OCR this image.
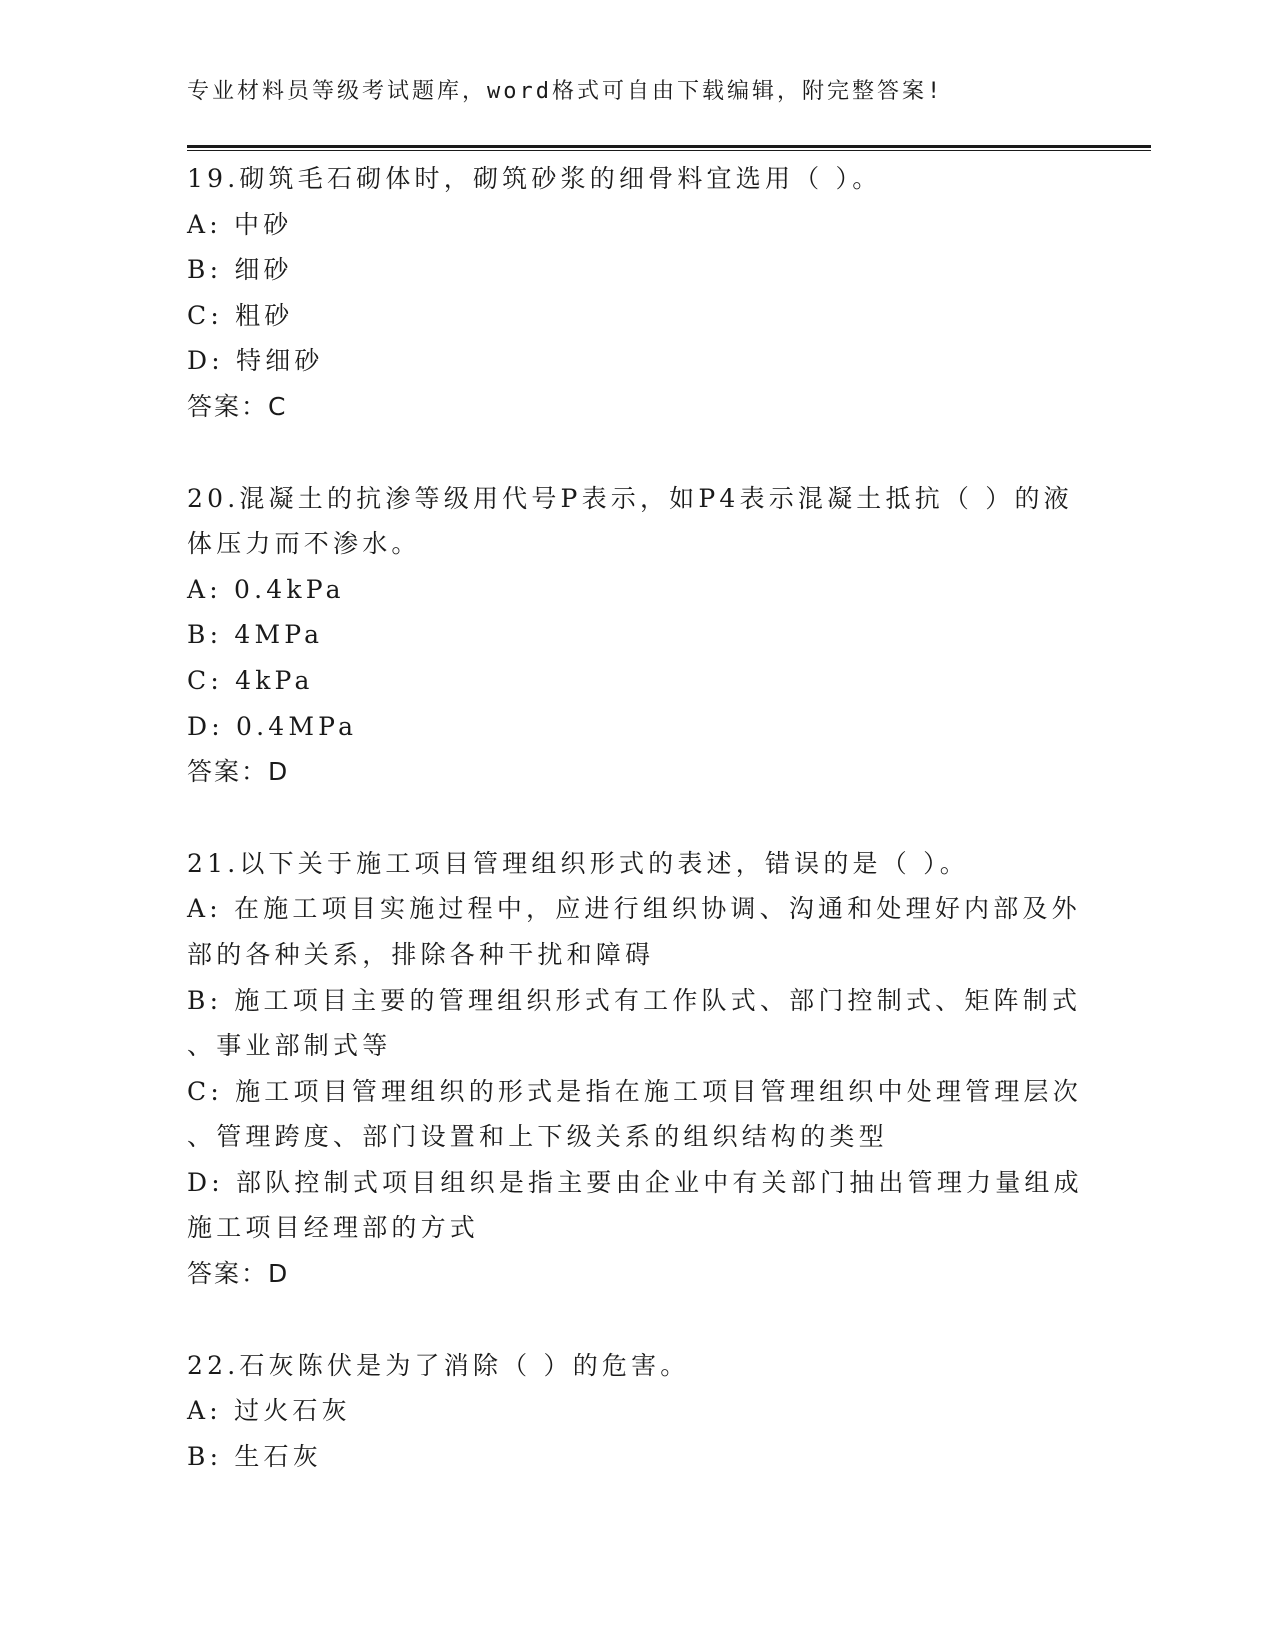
专业材料员等级考试题库，word格式可自由下载编辑，附完整答案!
19.砌筑毛石砌体时，砌筑砂浆的细骨料宜选用（ ）。
A: 中砂
B: 细砂
C: 粗砂
D: 特细砂
答案：C
20.混凝土的抗渗等级用代号P表示，如P4表示混凝土抵抗（ ）的液
体压力而不渗水。
A: 0.4kPa
B: 4MPa
C: 4kPa
D: 0.4MPa
答案：D
21.以下关于施工项目管理组织形式的表述，错误的是（ ）。
A: 在施工项目实施过程中，应进行组织协调、沟通和处理好内部及外
部的各种关系，排除各种干扰和障碍
B: 施工项目主要的管理组织形式有工作队式、部门控制式、矩阵制式
、事业部制式等
C: 施工项目管理组织的形式是指在施工项目管理组织中处理管理层次
、管理跨度、部门设置和上下级关系的组织结构的类型
D: 部队控制式项目组织是指主要由企业中有关部门抽出管理力量组成
施工项目经理部的方式
答案：D
22.石灰陈伏是为了消除（ ）的危害。
A: 过火石灰
B: 生石灰
